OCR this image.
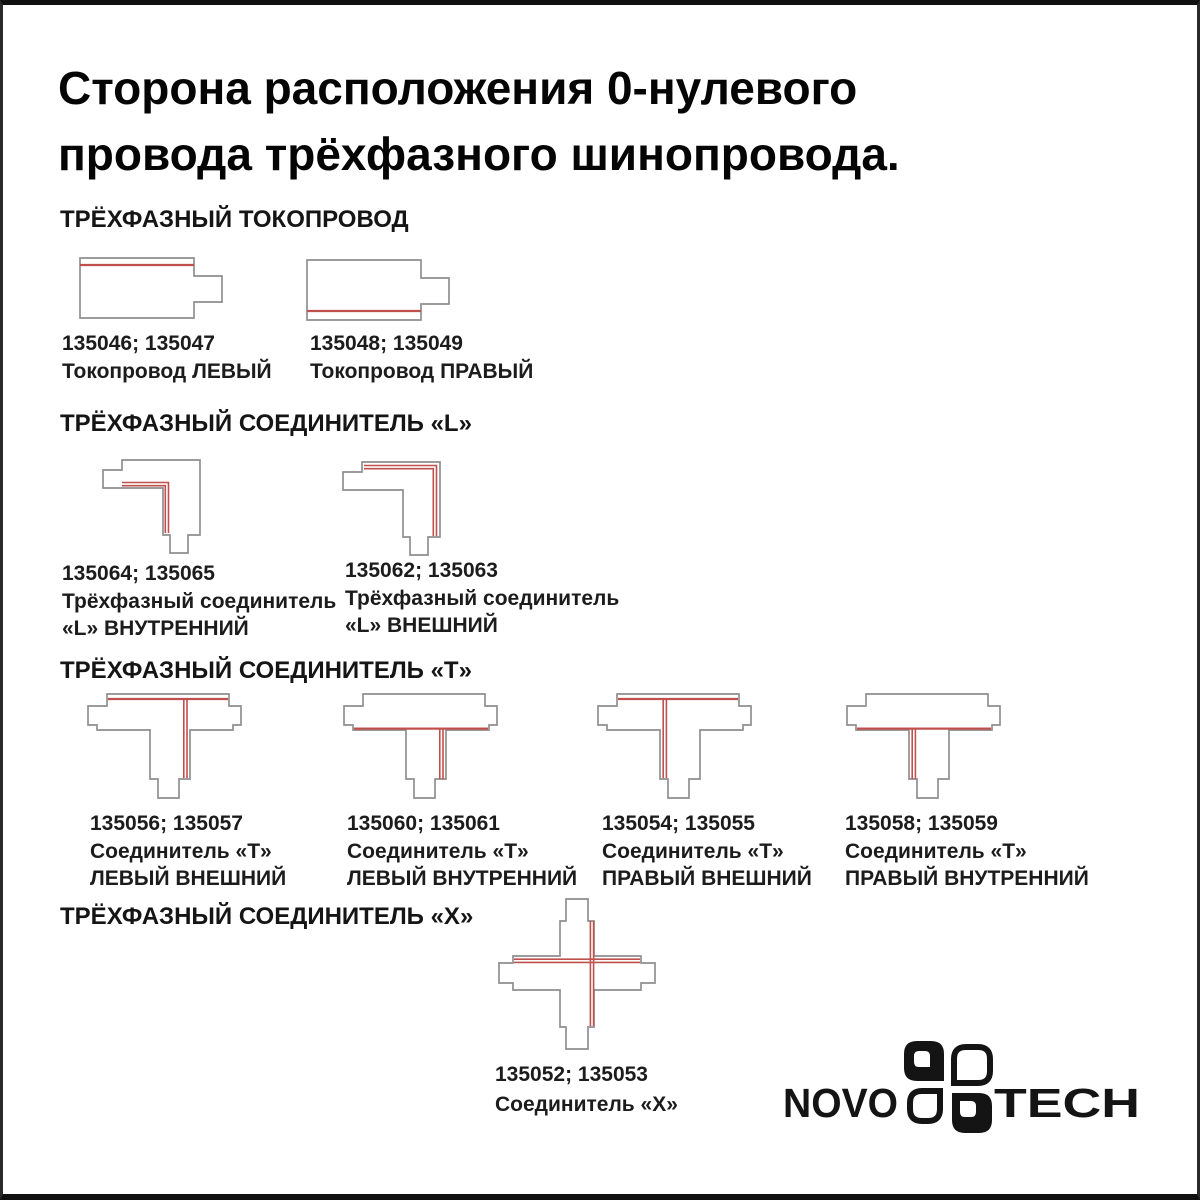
Сторона расположения 0-нулевого
провода трёхфазного шинопровода.
ТРЁХФАЗНЫЙ ТОКОПРОВОД
135046; 135047
Токопровод ЛЕВЫЙ
135048; 135049
Токопровод ПРАВЫЙ
ТРЁХФАЗНЫЙ СОЕДИНИТЕЛЬ «L»
135064; 135065
Трёхфазный соединитель
«L» ВНУТРЕННИЙ
135062; 135063
Трёхфазный соединитель
«L» ВНЕШНИЙ
ТРЁХФАЗНЫЙ СОЕДИНИТЕЛЬ «Т»
135056; 135057
Соединитель «Т»
ЛЕВЫЙ ВНЕШНИЙ
135060; 135061
Соединитель «Т»
ЛЕВЫЙ ВНУТРЕННИЙ
135054; 135055
Соединитель «Т»
ПРАВЫЙ ВНЕШНИЙ
135058; 135059
Соединитель «Т»
ПРАВЫЙ ВНУТРЕННИЙ
ТРЁХФАЗНЫЙ СОЕДИНИТЕЛЬ «Х»
135052; 135053
Соединитель «Х»	NOVO TECH
